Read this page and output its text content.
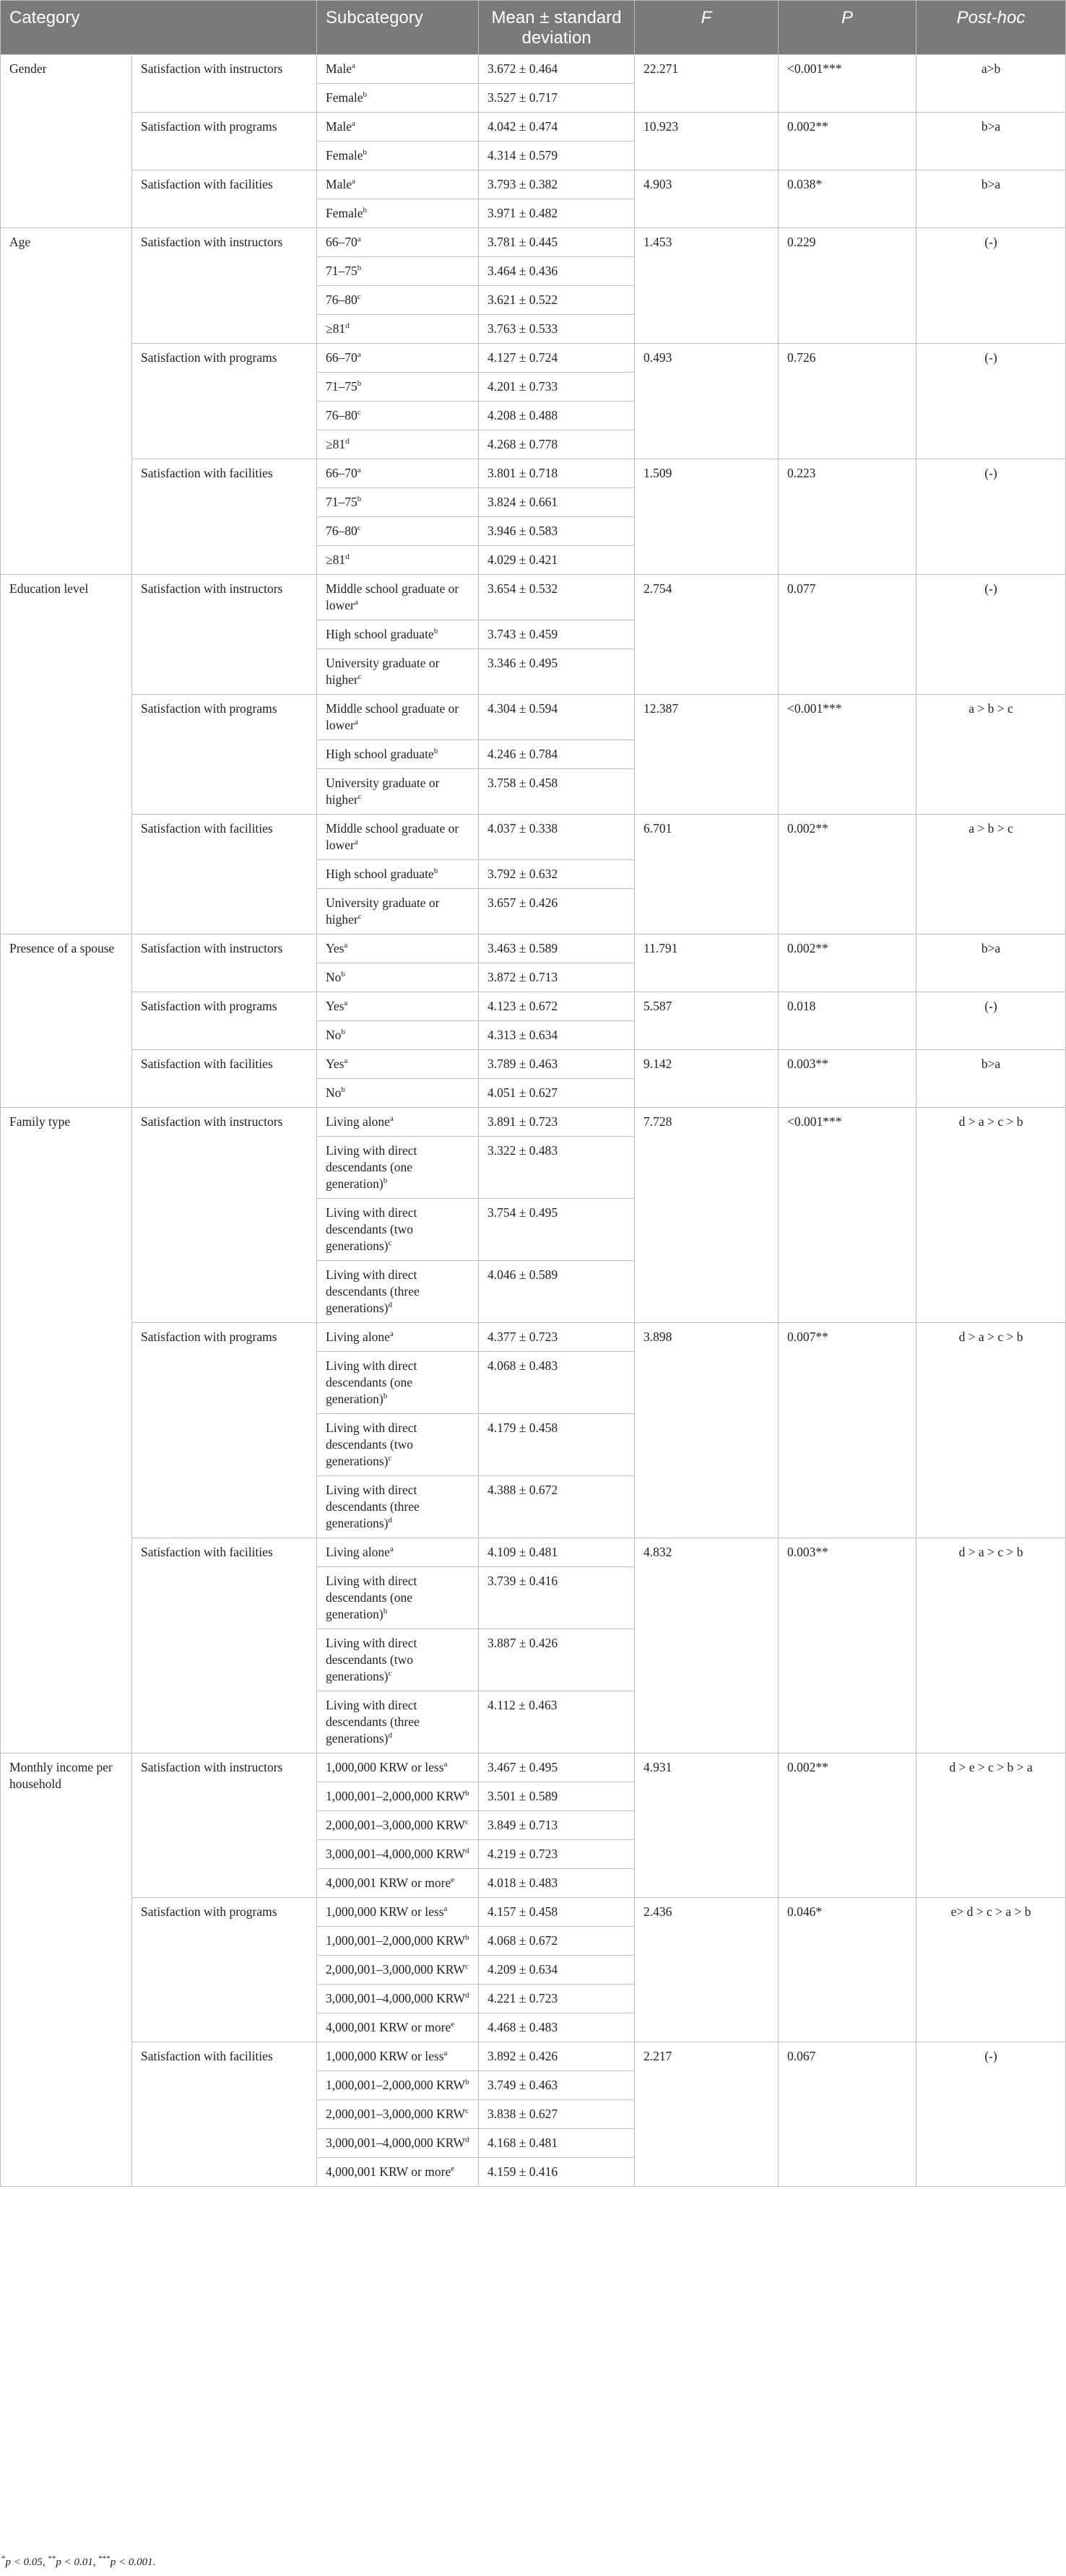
Category		Subcategory	Mean ± standard deviation	F	P	Post-hoc
Gender	Satisfaction with instructors	Male$^a$	3.672 ± 0.464	22.271	<0.001***	a>b
		Female$^b$	3.527 ± 0.717			
	Satisfaction with programs	Male$^a$	4.042 ± 0.474	10.923	0.002**	b>a
		Female$^b$	4.314 ± 0.579			
	Satisfaction with facilities	Male$^a$	3.793 ± 0.382	4.903	0.038*	b>a
		Female$^b$	3.971 ± 0.482			
Age	Satisfaction with instructors	66–70$^a$	3.781 ± 0.445	1.453	0.229	(-)
		71–75$^b$	3.464 ± 0.436			
		76–80$^c$	3.621 ± 0.522			
		$\ge 81^d$	3.763 ± 0.533			
	Satisfaction with programs	66–70$^a$	4.127 ± 0.724	0.493	0.726	(-)
		71–75$^b$	4.201 ± 0.733			
		76–80$^c$	4.208 ± 0.488			
		$\ge 81^d$	4.268 ± 0.778			
	Satisfaction with facilities	66–70$^a$	3.801 ± 0.718	1.509	0.223	(-)
		71–75$^b$	3.824 ± 0.661			
		76–80$^c$	3.946 ± 0.583			
		$\ge 81^d$	4.029 ± 0.421			
Education level	Satisfaction with instructors	Middle school graduate or lower$^a$	3.654 ± 0.532	2.754	0.077	(-)
		High school graduate$^b$	3.743 ± 0.459			
		University graduate or higher$^c$	3.346 ± 0.495			
	Satisfaction with programs	Middle school graduate or lower$^a$	4.304 ± 0.594	12.387	<0.001***	a > b > c
		High school graduate$^b$	4.246 ± 0.784			
		University graduate or higher$^c$	3.758 ± 0.458			
	Satisfaction with facilities	Middle school graduate or lower$^a$	4.037 ± 0.338	6.701	0.002**	a > b > c
		High school graduate$^b$	3.792 ± 0.632			
		University graduate or higher$^c$	3.657 ± 0.426			
Presence of a spouse	Satisfaction with instructors	Yes$^a$	3.463 ± 0.589	11.791	0.002**	b>a
		No$^b$	3.872 ± 0.713			
	Satisfaction with programs	Yes$^a$	4.123 ± 0.672	5.587	0.018	(-)
		No$^b$	4.313 ± 0.634			
	Satisfaction with facilities	Yes$^a$	3.789 ± 0.463	9.142	0.003**	b>a
		No$^b$	4.051 ± 0.627			
Family type	Satisfaction with instructors	Living alone$^a$	3.891 ± 0.723	7.728	<0.001***	d > a > c > b
		Living with direct descendants (one generation)$^b$	3.322 ± 0.483			
		Living with direct descendants (two generations)$^c$	3.754 ± 0.495			
		Living with direct descendants (three generations)$^d$	4.046 ± 0.589			
	Satisfaction with programs	Living alone$^a$	4.377 ± 0.723	3.898	0.007**	d > a > c > b
		Living with direct descendants (one generation)$^b$	4.068 ± 0.483			
		Living with direct descendants (two generations)$^c$	4.179 ± 0.458			
		Living with direct descendants (three generations)$^d$	4.388 ± 0.672			
	Satisfaction with facilities	Living alone$^a$	4.109 ± 0.481	4.832	0.003**	d > a > c > b
		Living with direct descendants (one generation)$^b$	3.739 ± 0.416			
		Living with direct descendants (two generations)$^c$	3.887 ± 0.426			
		Living with direct descendants (three generations)$^d$	4.112 ± 0.463			
Monthly income per household	Satisfaction with instructors	1,000,000 KRW or less$^a$	3.467 ± 0.495	4.931	0.002**	d > e > c > b > a
		1,000,001–2,000,000 KRW$^b$	3.501 ± 0.589			
		2,000,001–3,000,000 KRW$^c$	3.849 ± 0.713			
		3,000,001–4,000,000 KRW$^d$	4.219 ± 0.723			
		4,000,001 KRW or more$^e$	4.018 ± 0.483			
	Satisfaction with programs	1,000,000 KRW or less$^a$	4.157 ± 0.458	2.436	0.046*	e> d > c > a > b
		1,000,001–2,000,000 KRW$^b$	4.068 ± 0.672			
		2,000,001–3,000,000 KRW$^c$	4.209 ± 0.634			
		3,000,001–4,000,000 KRW$^d$	4.221 ± 0.723			
		4,000,001 KRW or more$^e$	4.468 ± 0.483			
	Satisfaction with facilities	1,000,000 KRW or less$^a$	3.892 ± 0.426	2.217	0.067	(-)
		1,000,001–2,000,000 KRW$^b$	3.749 ± 0.463			
		2,000,001–3,000,000 KRW$^c$	3.838 ± 0.627			
		3,000,001–4,000,000 KRW$^d$	4.168 ± 0.481			
		4,000,001 KRW or more$^e$	4.159 ± 0.416			
*p < 0.05, **p < 0.01, ***p < 0.001.
